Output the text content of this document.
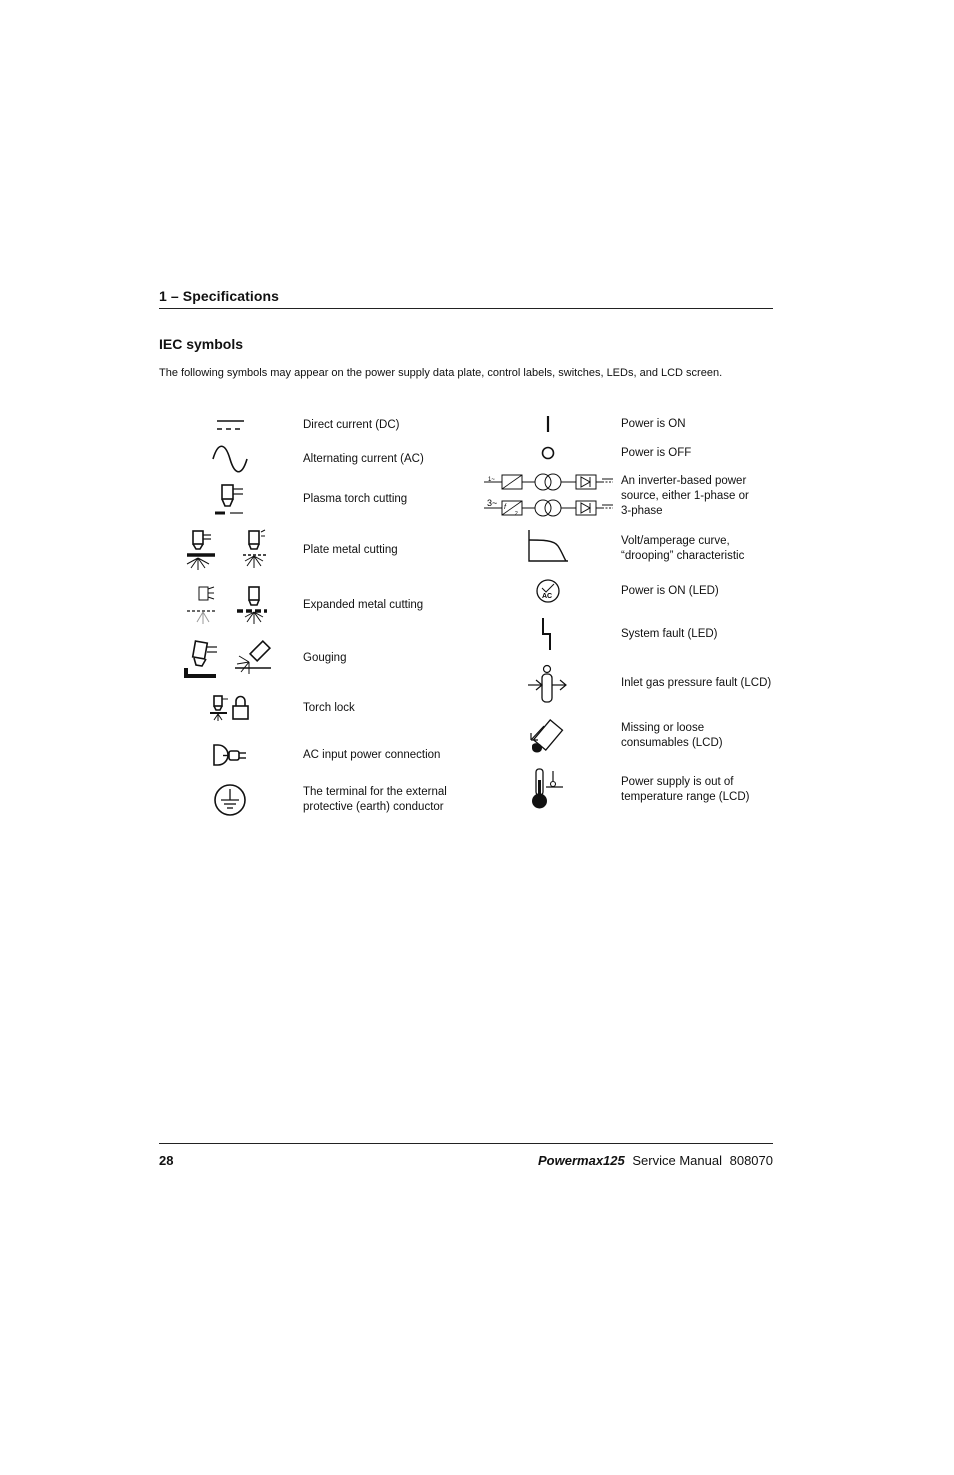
1 – Specifications
IEC symbols
The following symbols may appear on the power supply data plate, control labels, switches, LEDs, and LCD screen.
Direct current (DC)
Alternating current (AC)
Plasma torch cutting
Plate metal cutting
Expanded metal cutting
Gouging
Torch lock
AC input power connection
The terminal for the external protective (earth) conductor
Power is ON
Power is OFF
An inverter-based power source, either 1-phase or 3-phase
Volt/amperage curve, “drooping” characteristic
Power is ON (LED)
System fault (LED)
Inlet gas pressure fault (LCD)
Missing or loose consumables (LCD)
Power supply is out of temperature range (LCD)
1~
3~ f
2
AC
28	Powermax125 Service Manual 808070
